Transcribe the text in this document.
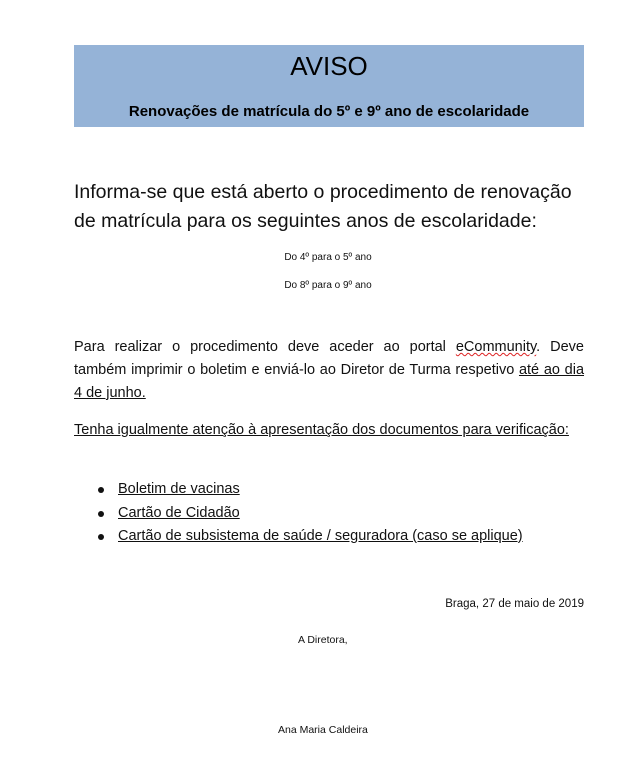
AVISO
Renovações de matrícula do 5º e 9º ano de escolaridade
Informa-se que está aberto o procedimento de renovação
de matrícula para os seguintes anos de escolaridade:
Do 4º para o 5º ano
Do 8º para o 9º ano
Para realizar o procedimento deve aceder ao portal eCommunity. Deve também imprimir o boletim e enviá-lo ao Diretor de Turma respetivo até ao dia 4 de junho.
Tenha igualmente atenção à apresentação dos documentos para verificação:
Boletim de vacinas
Cartão de Cidadão
Cartão de subsistema de saúde / seguradora (caso se aplique)
Braga, 27 de maio de 2019
A Diretora,
Ana Maria Caldeira
